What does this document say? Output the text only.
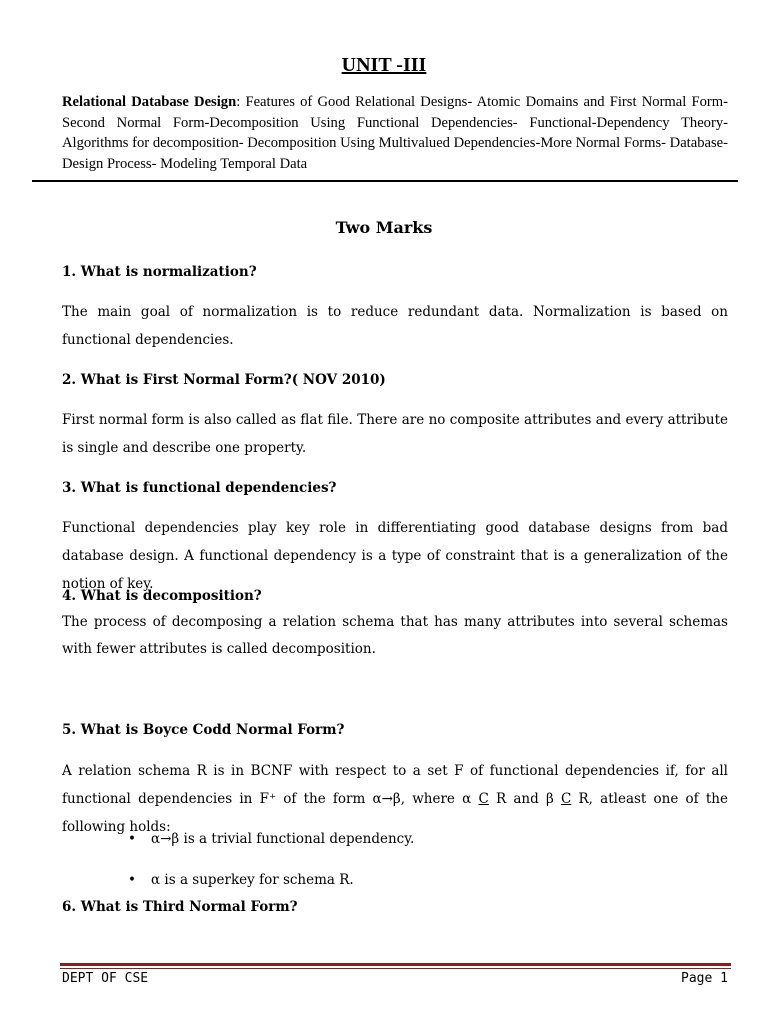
UNIT -III
Relational Database Design: Features of Good Relational Designs- Atomic Domains and First Normal Form- Second Normal Form-Decomposition Using Functional Dependencies- Functional-Dependency Theory-Algorithms for decomposition- Decomposition Using Multivalued Dependencies-More Normal Forms- Database-Design Process- Modeling Temporal Data
Two Marks
1. What is normalization?
The main goal of normalization is to reduce redundant data. Normalization is based on functional dependencies.
2. What is First Normal Form?( NOV 2010)
First normal form is also called as flat file. There are no composite attributes and every attribute is single and describe one property.
3. What is functional dependencies?
Functional dependencies play key role in differentiating good database designs from bad database design. A functional dependency is a type of constraint that is a generalization of the notion of key.
4. What is decomposition?
The process of decomposing a relation schema that has many attributes into several schemas with fewer attributes is called decomposition.
5. What is Boyce Codd Normal Form?
A relation schema R is in BCNF with respect to a set F of functional dependencies if, for all functional dependencies in F⁺ of the form α→β, where α C R and β C R, atleast one of the following holds:
• α→β is a trivial functional dependency.
• α is a superkey for schema R.
6. What is Third Normal Form?
DEPT OF CSE	Page 1
